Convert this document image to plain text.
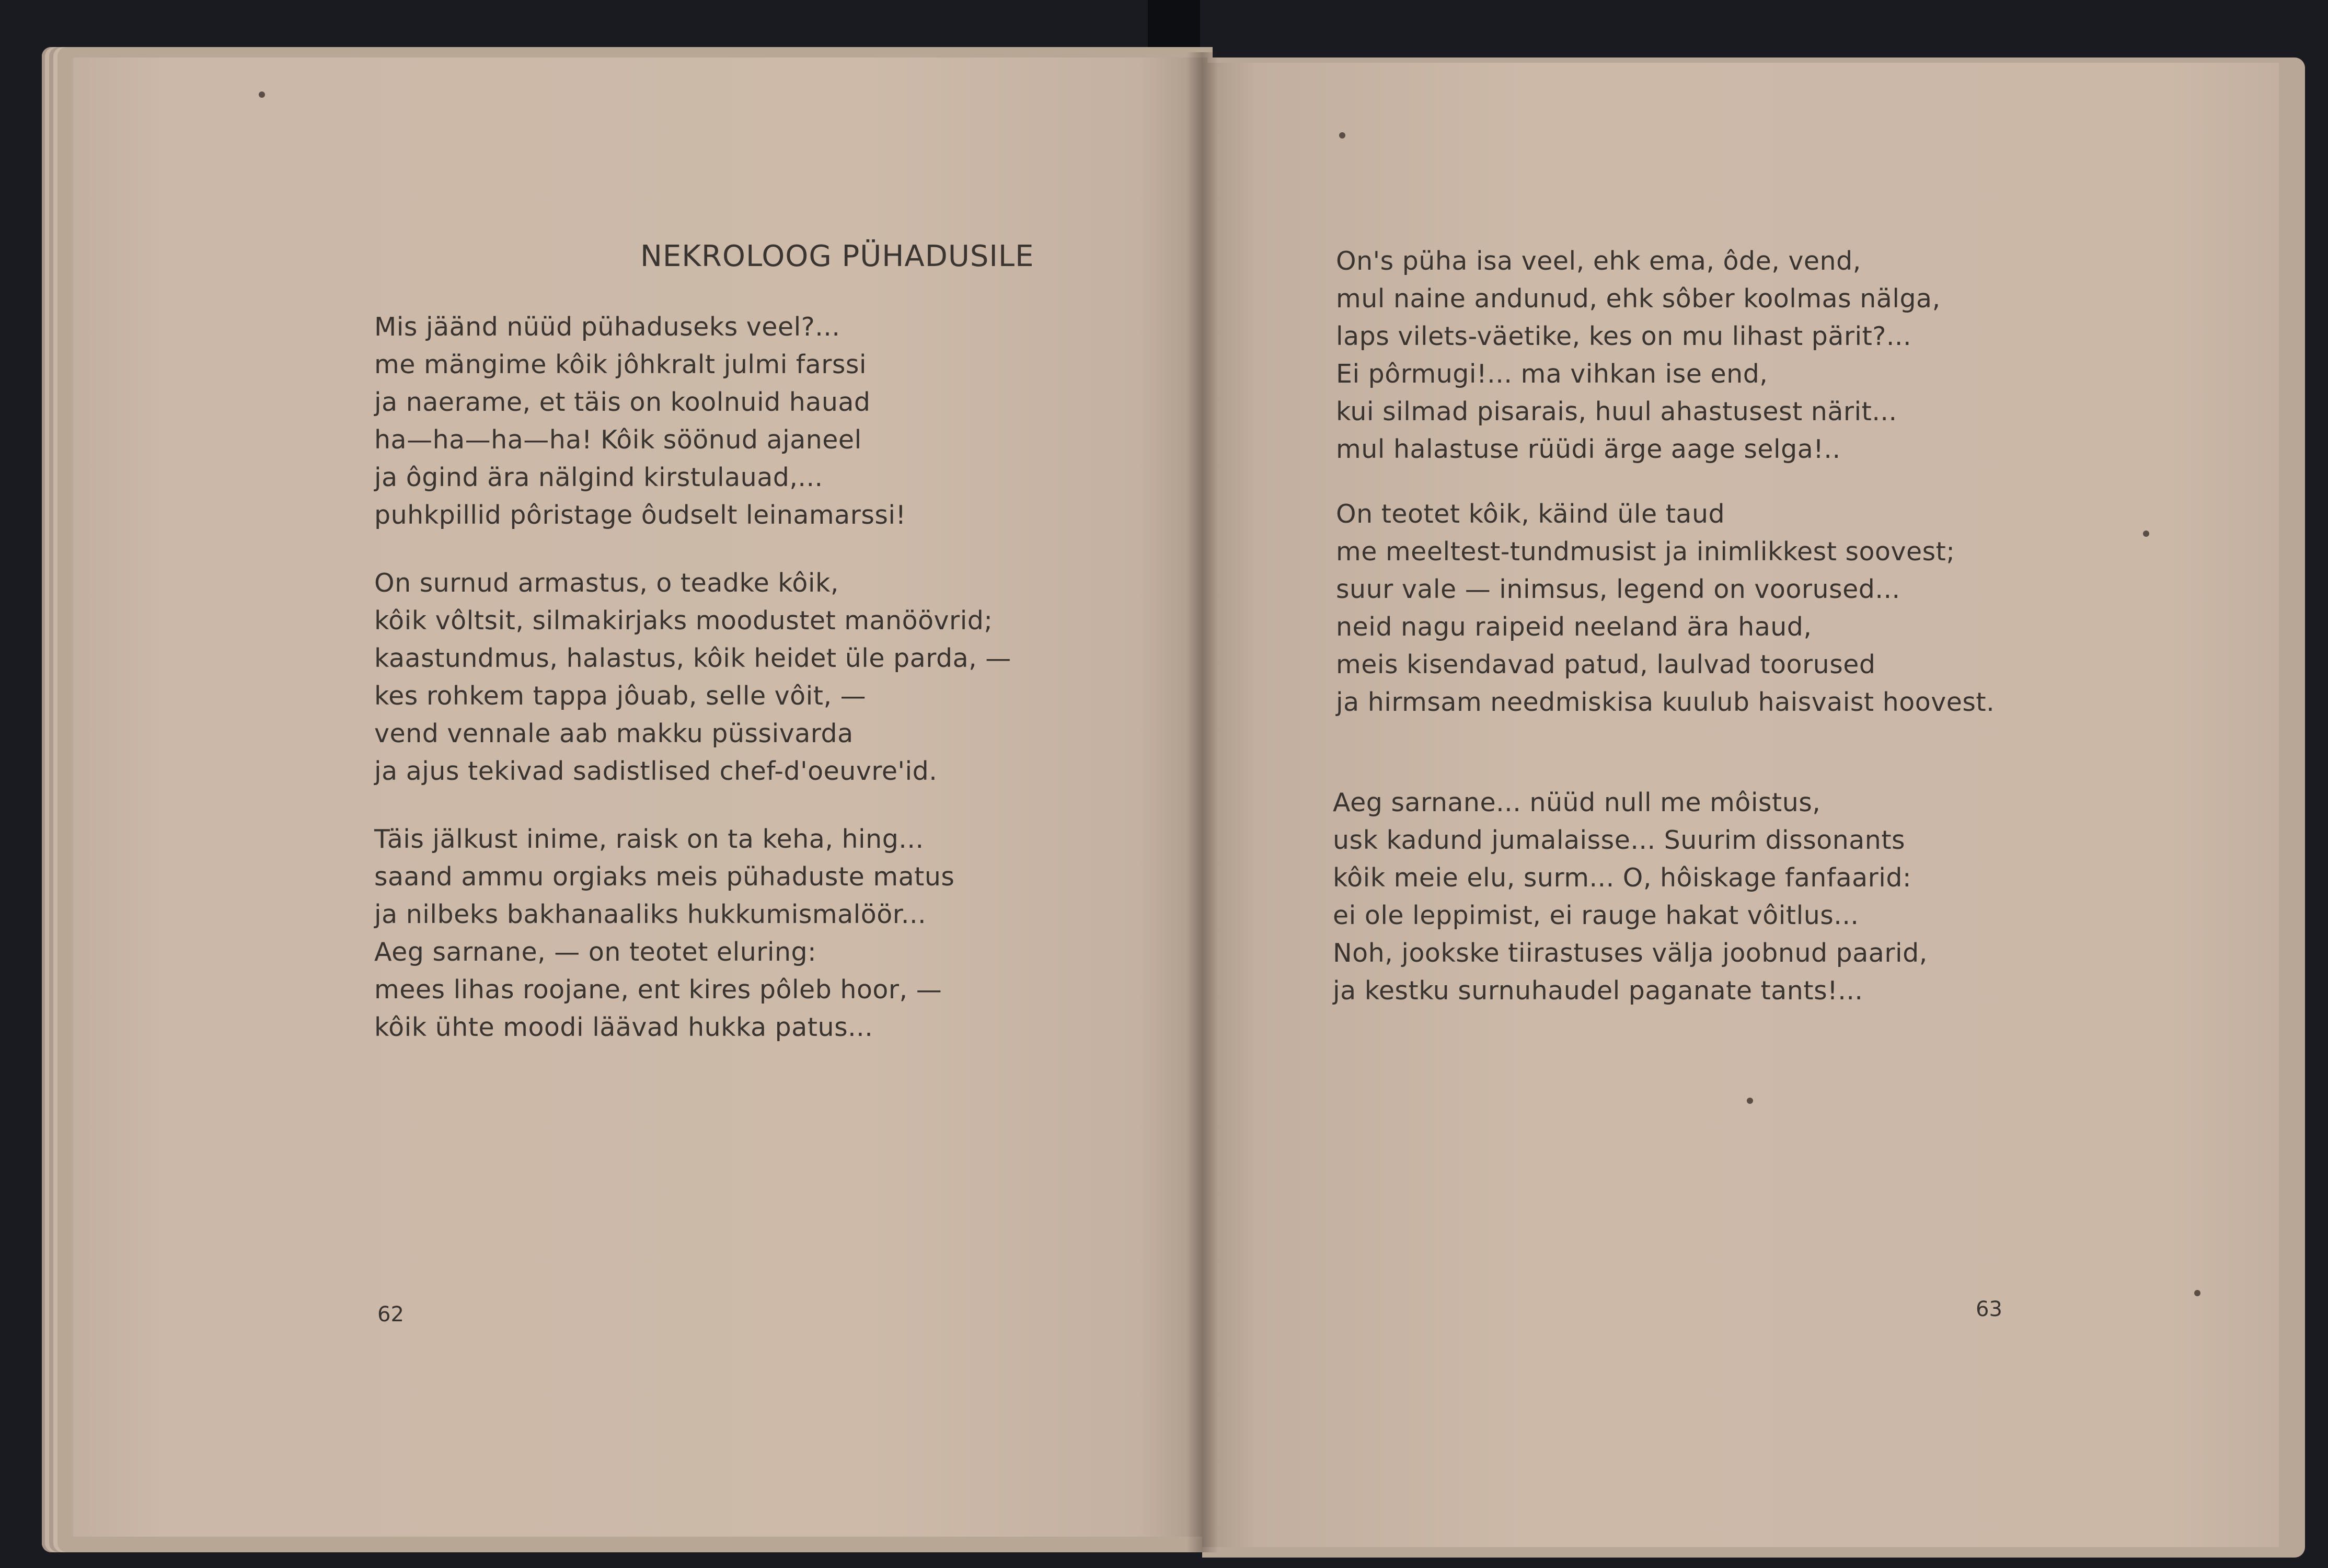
NEKROLOOG PÜHADUSILE
Mis jäänd nüüd pühaduseks veel?...
me mängime kôik jôhkralt julmi farssi
ja naerame, et täis on koolnuid hauad
ha—ha—ha—ha! Kôik söönud ajaneel
ja ôgind ära nälgind kirstulauad,...
puhkpillid pôristage ôudselt leinamarssi!
On surnud armastus, o teadke kôik,
kôik vôltsit, silmakirjaks moodustet manöövrid;
kaastundmus, halastus, kôik heidet üle parda, —
kes rohkem tappa jôuab, selle vôit, —
vend vennale aab makku püssivarda
ja ajus tekivad sadistlised chef-d'oeuvre'id.
Täis jälkust inime, raisk on ta keha, hing...
saand ammu orgiaks meis pühaduste matus
ja nilbeks bakhanaaliks hukkumismalöör...
Aeg sarnane, — on teotet eluring:
mees lihas roojane, ent kires pôleb hoor, —
kôik ühte moodi läävad hukka patus...
62
On's püha isa veel, ehk ema, ôde, vend,
mul naine andunud, ehk sôber koolmas nälga,
laps vilets-väetike, kes on mu lihast pärit?...
Ei pôrmugi!... ma vihkan ise end,
kui silmad pisarais, huul ahastusest närit...
mul halastuse rüüdi ärge aage selga!..
On teotet kôik, käind üle taud
me meeltest-tundmusist ja inimlikkest soovest;
suur vale — inimsus, legend on voorused...
neid nagu raipeid neeland ära haud,
meis kisendavad patud, laulvad toorused
ja hirmsam needmiskisa kuulub haisvaist hoovest.
Aeg sarnane... nüüd null me môistus,
usk kadund jumalaisse... Suurim dissonants
kôik meie elu, surm... O, hôiskage fanfaarid:
ei ole leppimist, ei rauge hakat vôitlus...
Noh, jookske tiirastuses välja joobnud paarid,
ja kestku surnuhaudel paganate tants!...
63
